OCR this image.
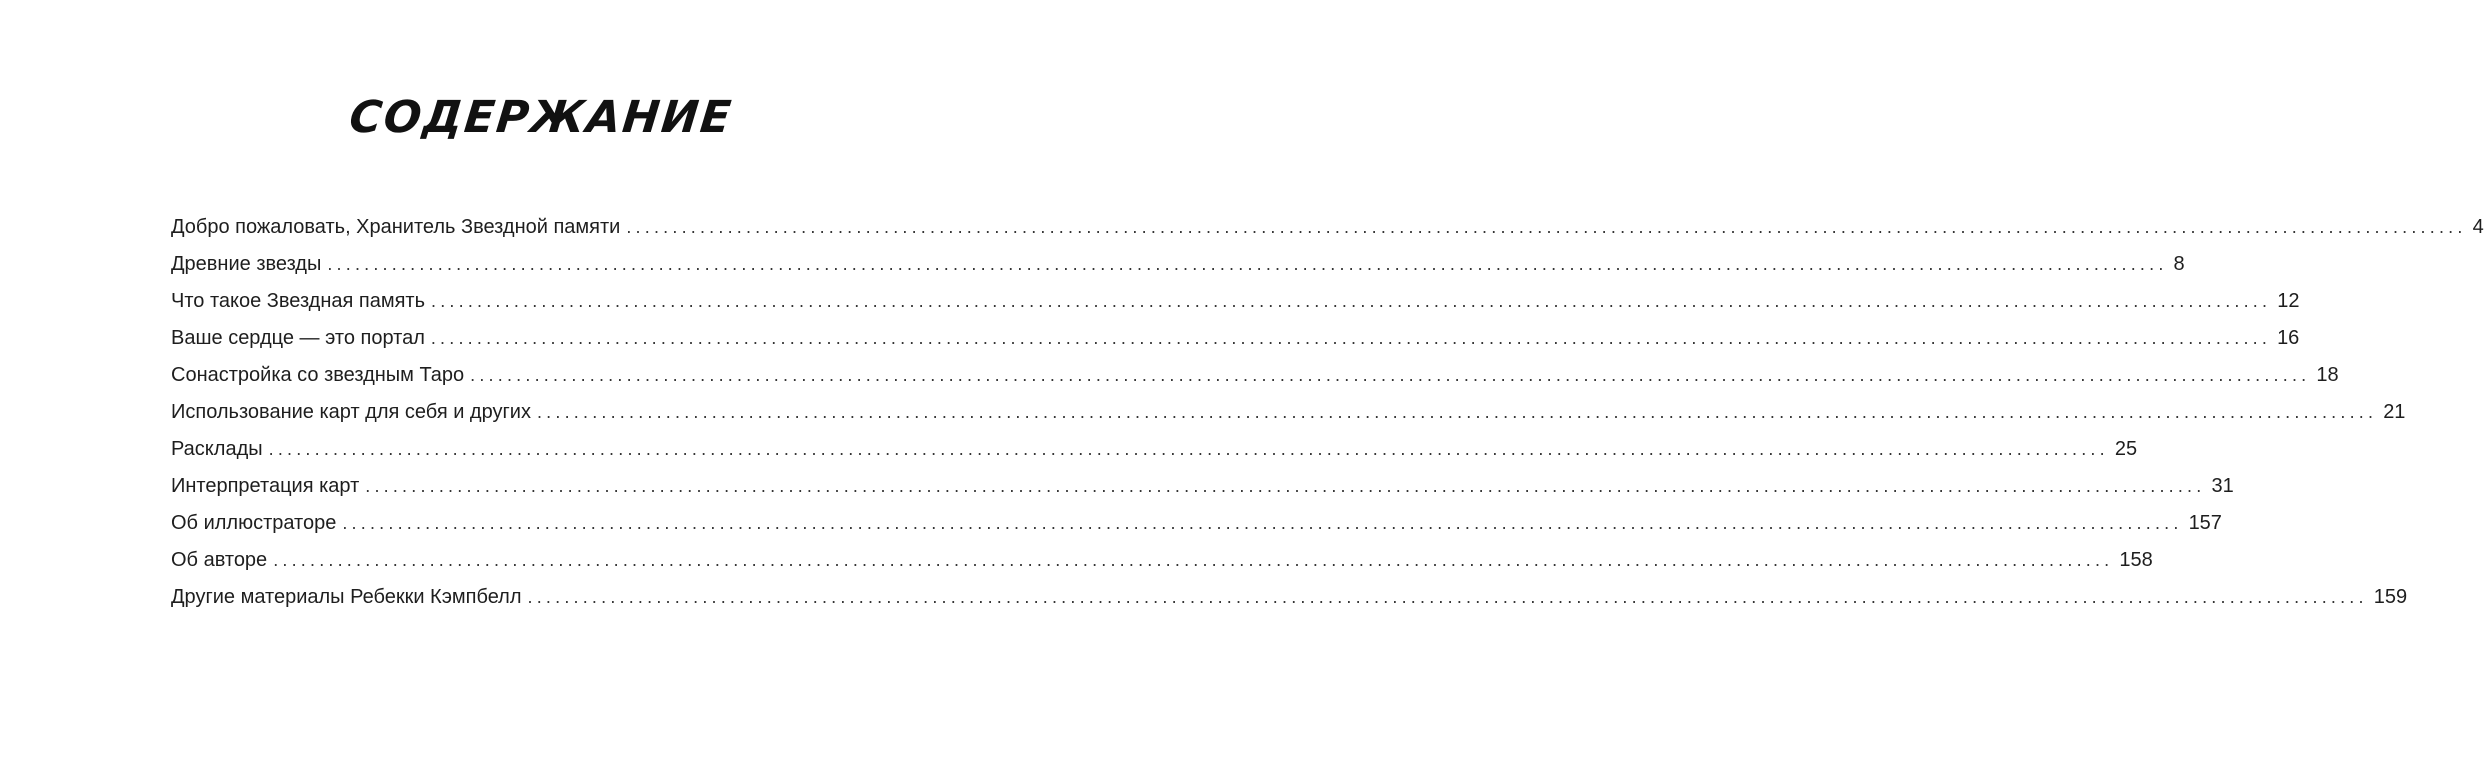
СОДЕРЖАНИЕ
Добро пожаловать, Хранитель Звездной памяти ........................................................................................................................................................................................................ 4
Древние звезды ........................................................................................................................................................................................................ 8
Что такое Звездная память ........................................................................................................................................................................................................ 12
Ваше сердце — это портал ........................................................................................................................................................................................................ 16
Сонастройка со звездным Таро ........................................................................................................................................................................................................ 18
Использование карт для себя и других ........................................................................................................................................................................................................ 21
Расклады ........................................................................................................................................................................................................ 25
Интерпретация карт ........................................................................................................................................................................................................ 31
Об иллюстраторе ........................................................................................................................................................................................................ 157
Об авторе ........................................................................................................................................................................................................ 158
Другие материалы Ребекки Кэмпбелл ........................................................................................................................................................................................................ 159
